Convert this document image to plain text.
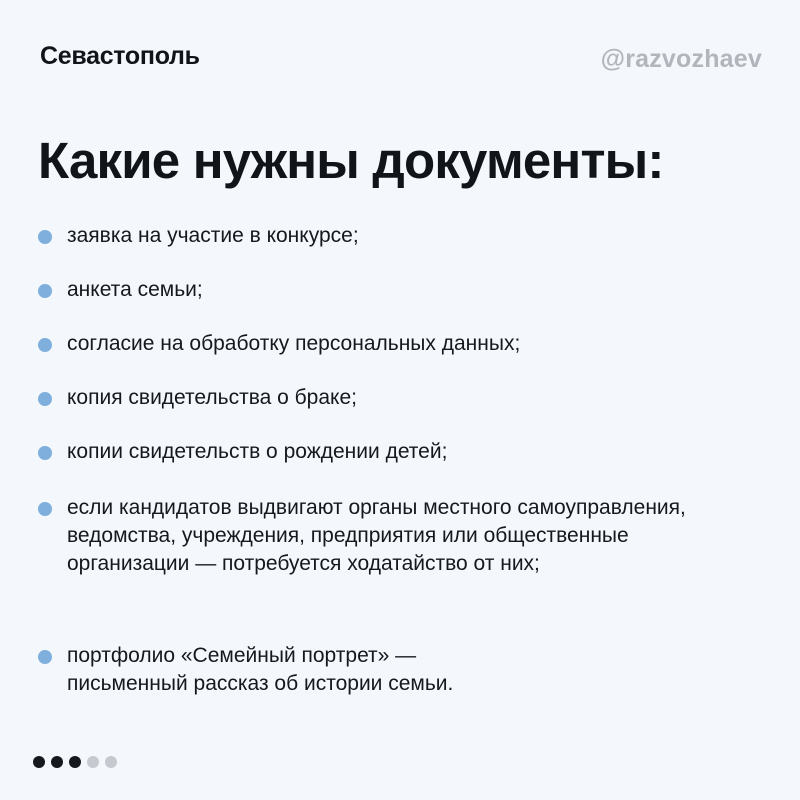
Севастополь	@razvozhaev
Какие нужны документы:
заявка на участие в конкурсе;
анкета семьи;
согласие на обработку персональных данных;
копия свидетельства о браке;
копии свидетельств о рождении детей;
если кандидатов выдвигают органы местного самоуправления, ведомства, учреждения, предприятия или общественные организации — потребуется ходатайство от них;
портфолио «Семейный портрет» — письменный рассказ об истории семьи.
